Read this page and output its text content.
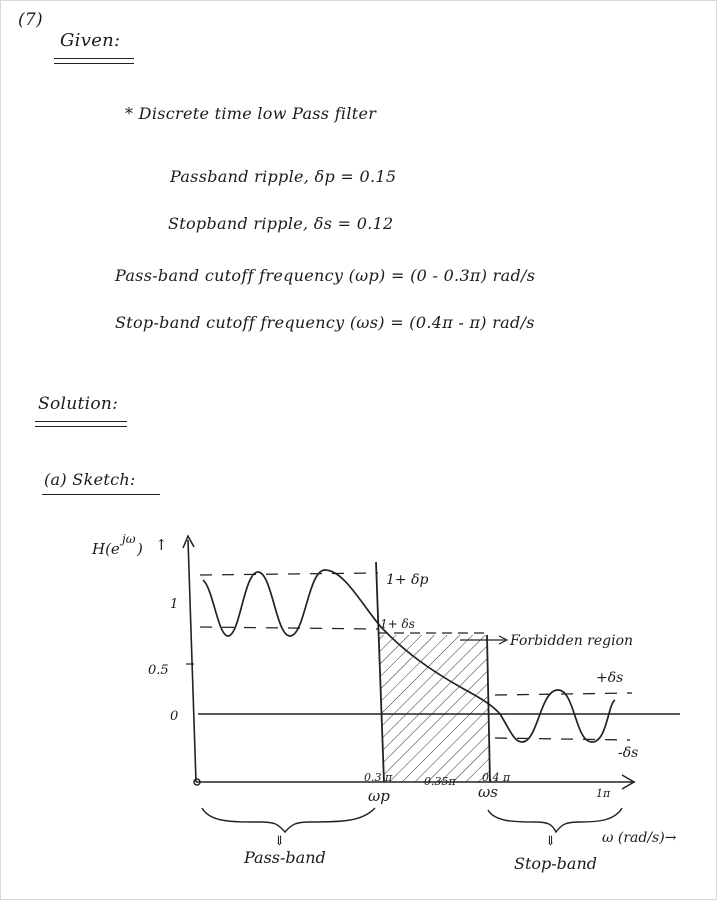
(7)
Given:
* Discrete time low Pass filter
Passband ripple, δp = 0.15
Stopband ripple, δs = 0.12
Pass-band cutoff frequency (ωp) = (0 - 0.3π) rad/s
Stop-band cutoff frequency (ωs) = (0.4π - π) rad/s
Solution:
(a) Sketch:
H(e
jω
) ↑
1
0.5
0
1+ δp
1+ δs
Forbidden region
+δs
-δs
0.3 π	0.35π 0.4 π
1π
ωp	ωs
⇓	⇓	ω (rad/s)→
Pass-band	Stop-band
